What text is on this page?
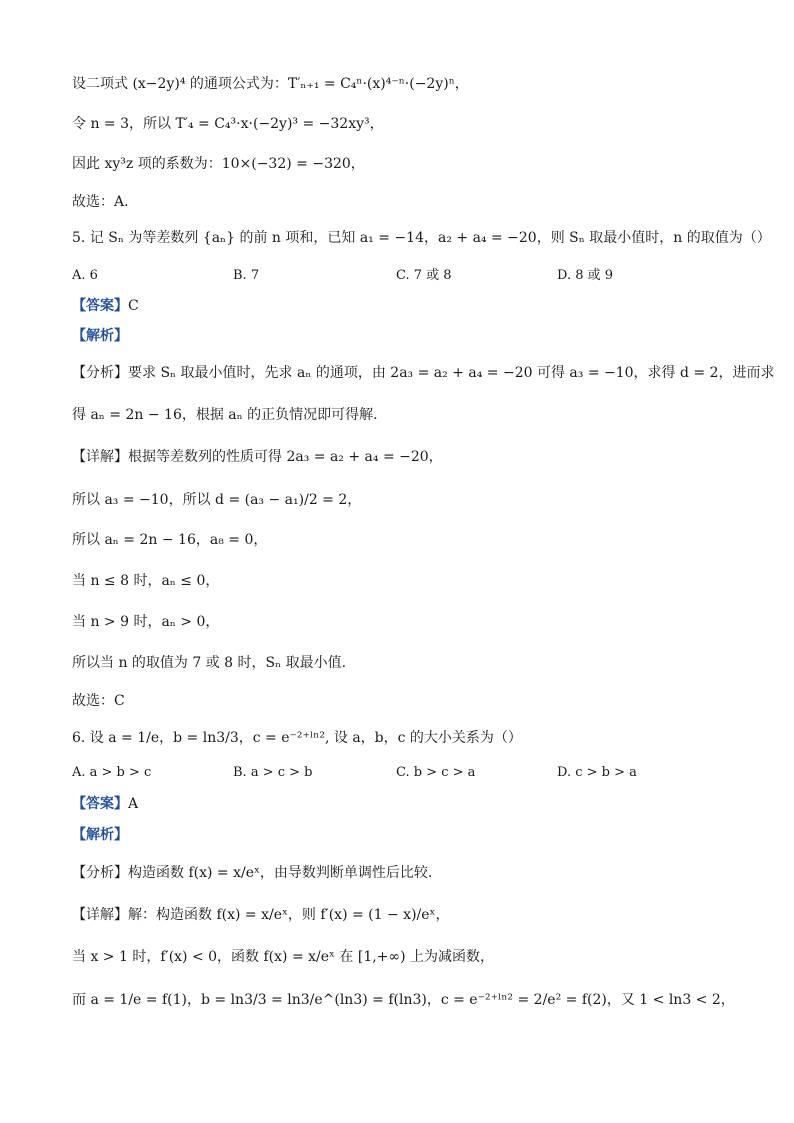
设二项式 (x−2y)⁴ 的通项公式为：T′ₙ₊₁ = C₄ⁿ·(x)⁴⁻ⁿ·(−2y)ⁿ，

令 n = 3，所以 T′₄ = C₄³·x·(−2y)³ = −32xy³，

因此 xy³z 项的系数为：10×(−32) = −320，

故选：A.

5. 记 Sₙ 为等差数列 {aₙ} 的前 n 项和，已知 a₁ = −14，a₂ + a₄ = −20，则 Sₙ 取最小值时，n 的取值为（）

A. 6	B. 7	C. 7 或 8	D. 8 或 9

【答案】C

【解析】

【分析】要求 Sₙ 取最小值时，先求 aₙ 的通项，由 2a₃ = a₂ + a₄ = −20 可得 a₃ = −10，求得 d = 2，进而求

得 aₙ = 2n − 16，根据 aₙ 的正负情况即可得解.

【详解】根据等差数列的性质可得 2a₃ = a₂ + a₄ = −20，

所以 a₃ = −10，所以 d = (a₃ − a₁)/2 = 2，

所以 aₙ = 2n − 16，a₈ = 0，

当 n ≤ 8 时，aₙ ≤ 0，

当 n > 9 时，aₙ > 0，

所以当 n 的取值为 7 或 8 时，Sₙ 取最小值.

故选：C

6. 设 a = 1/e，b = ln3/3，c = e⁻²⁺ˡⁿ², 设 a，b，c 的大小关系为（）

A. a > b > c	B. a > c > b	C. b > c > a	D. c > b > a

【答案】A

【解析】

【分析】构造函数 f(x) = x/eˣ，由导数判断单调性后比较.

【详解】解：构造函数 f(x) = x/eˣ，则 f′(x) = (1 − x)/eˣ，

当 x > 1 时，f′(x) < 0，函数 f(x) = x/eˣ 在 [1,+∞) 上为减函数，

而 a = 1/e = f(1)，b = ln3/3 = ln3/e^(ln3) = f(ln3)，c = e⁻²⁺ˡⁿ² = 2/e² = f(2)，又 1 < ln3 < 2，
